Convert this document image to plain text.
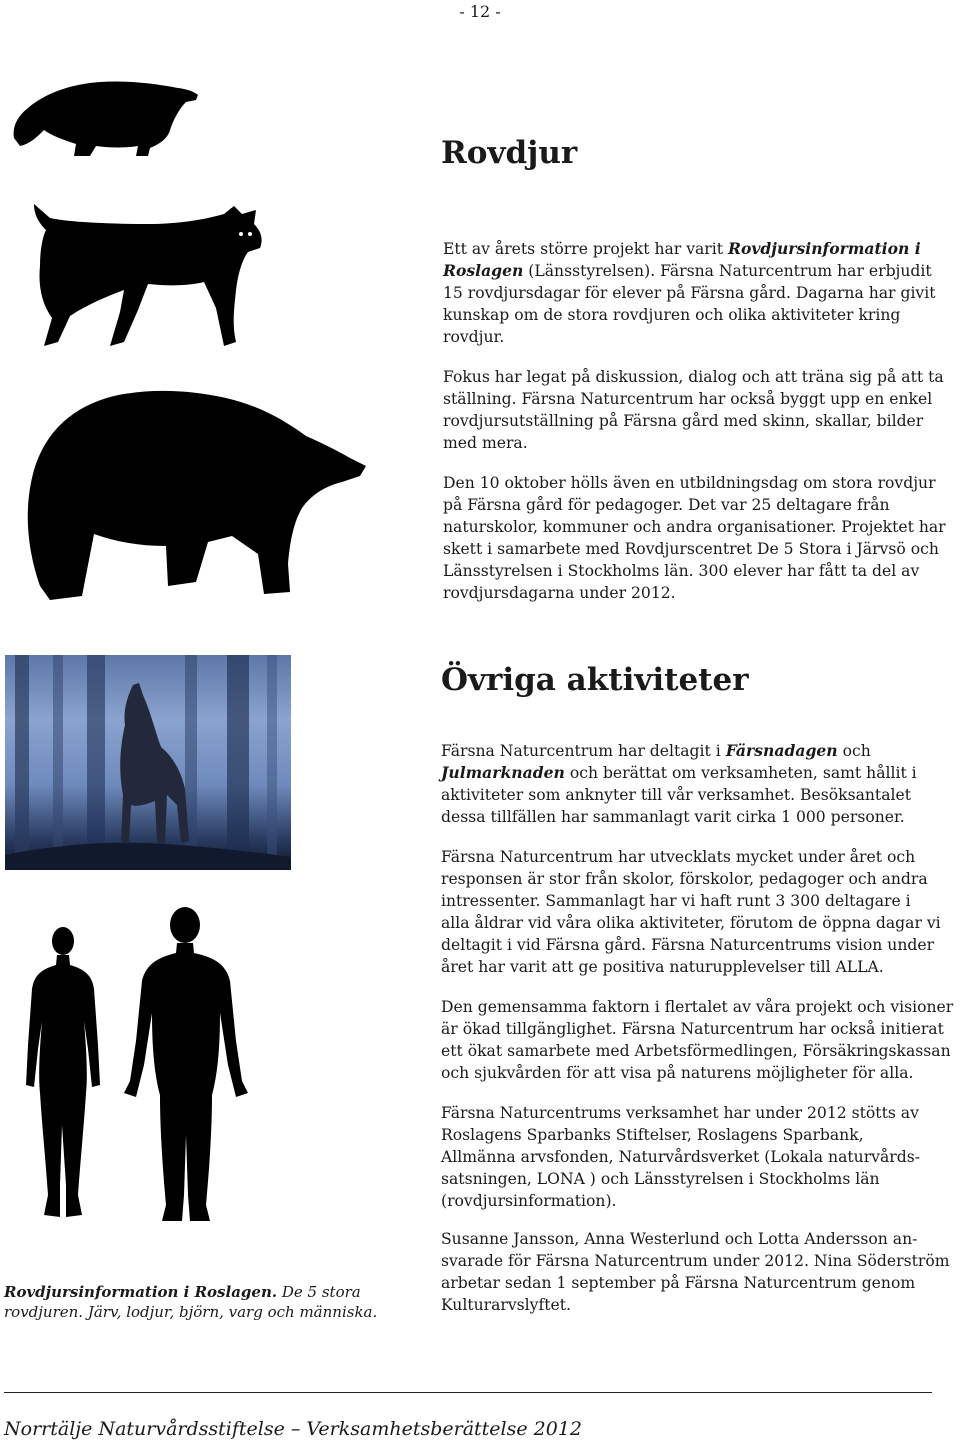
- 12 -
Rovdjur

Ett av årets större projekt har varit Rovdjursinformation i Roslagen (Länsstyrelsen). Färsna Naturcentrum har erbjudit 15 rovdjursdagar för elever på Färsna gård. Dagarna har givit kunskap om de stora rovdjuren och olika aktiviteter kring rovdjur.

Fokus har legat på diskussion, dialog och att träna sig på att ta ställning. Färsna Naturcentrum har också byggt upp en enkel rovdjursutställning på Färsna gård med skinn, skallar, bilder med mera.

Den 10 oktober hölls även en utbildningsdag om stora rovdjur på Färsna gård för pedagoger. Det var 25 deltagare från naturskolor, kommuner och andra organisationer. Projektet har skett i samarbete med Rovdjurscentret De 5 Stora i Järvsö och Länsstyrelsen i Stockholms län. 300 elever har fått ta del av rovdjursdagarna under 2012.

Övriga aktiviteter

Färsna Naturcentrum har deltagit i Färsnadagen och Julmarknaden och berättat om verksamheten, samt hållit i aktiviteter som anknyter till vår verksamhet. Besöksantalet dessa tillfällen har sammanlagt varit cirka 1 000 personer.

Färsna Naturcentrum har utvecklats mycket under året och responsen är stor från skolor, förskolor, pedagoger och andra intressenter. Sammanlagt har vi haft runt 3 300 deltagare i alla åldrar vid våra olika aktiviteter, förutom de öppna dagar vi deltagit i vid Färsna gård. Färsna Naturcentrums vision under året har varit att ge positiva naturupplevelser till ALLA.

Den gemensamma faktorn i flertalet av våra projekt och visioner är ökad tillgänglighet. Färsna Naturcentrum har också initierat ett ökat samarbete med Arbetsförmedlingen, Försäkringskassan och sjukvården för att visa på naturens möjligheter för alla.

Färsna Naturcentrums verksamhet har under 2012 stötts av Roslagens Sparbanks Stiftelser, Roslagens Sparbank, Allmänna arvsfonden, Naturvårdsverket (Lokala naturvårds-satsningen, LONA ) och Länsstyrelsen i Stockholms län (rovdjursinformation).

Susanne Jansson, Anna Westerlund och Lotta Andersson an-svarade för Färsna Naturcentrum under 2012. Nina Söderström arbetar sedan 1 september på Färsna Naturcentrum genom Kulturarvslyftet.

Rovdjursinformation i Roslagen. De 5 stora rovdjuren. Järv, lodjur, björn, varg och människa.
Norrtälje Naturvårdsstiftelse – Verksamhetsberättelse 2012
